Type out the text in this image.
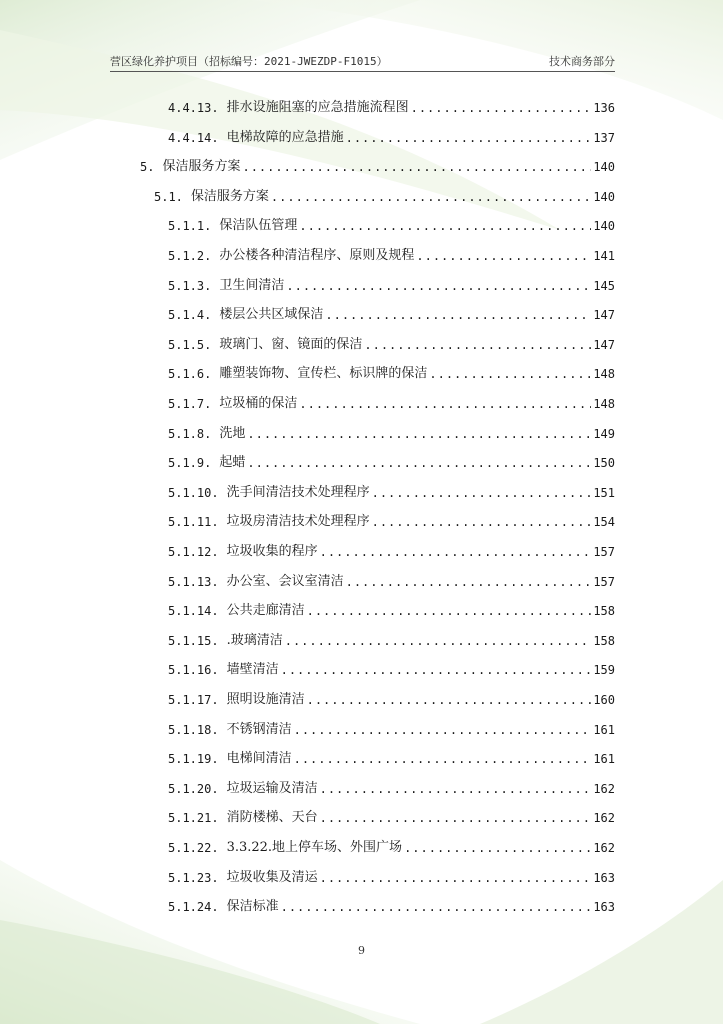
营区绿化养护项目（招标编号：2021-JWEZDP-F1015）	技术商务部分
4.4.13. 排水设施阻塞的应急措施流程图 .....	136
4.4.14. 电梯故障的应急措施 .....	137
5. 保洁服务方案 .....	140
5.1. 保洁服务方案 .....	140
5.1.1. 保洁队伍管理 .....	140
5.1.2. 办公楼各种清洁程序、原则及规程 .....	141
5.1.3. 卫生间清洁 .....	145
5.1.4. 楼层公共区域保洁 .....	147
5.1.5. 玻璃门、窗、镜面的保洁 .....	147
5.1.6. 雕塑装饰物、宣传栏、标识牌的保洁 .....	148
5.1.7. 垃圾桶的保洁 .....	148
5.1.8. 洗地 .....	149
5.1.9. 起蜡 .....	150
5.1.10. 洗手间清洁技术处理程序 .....	151
5.1.11. 垃圾房清洁技术处理程序 .....	154
5.1.12. 垃圾收集的程序 .....	157
5.1.13. 办公室、会议室清洁 .....	157
5.1.14. 公共走廊清洁 .....	158
5.1.15. .玻璃清洁 .....	158
5.1.16. 墙壁清洁 .....	159
5.1.17. 照明设施清洁 .....	160
5.1.18. 不锈钢清洁 .....	161
5.1.19. 电梯间清洁 .....	161
5.1.20. 垃圾运输及清洁 .....	162
5.1.21. 消防楼梯、天台 .....	162
5.1.22. 3.3.22.地上停车场、外围广场 .....	162
5.1.23. 垃圾收集及清运 .....	163
5.1.24. 保洁标准 .....	163
9
